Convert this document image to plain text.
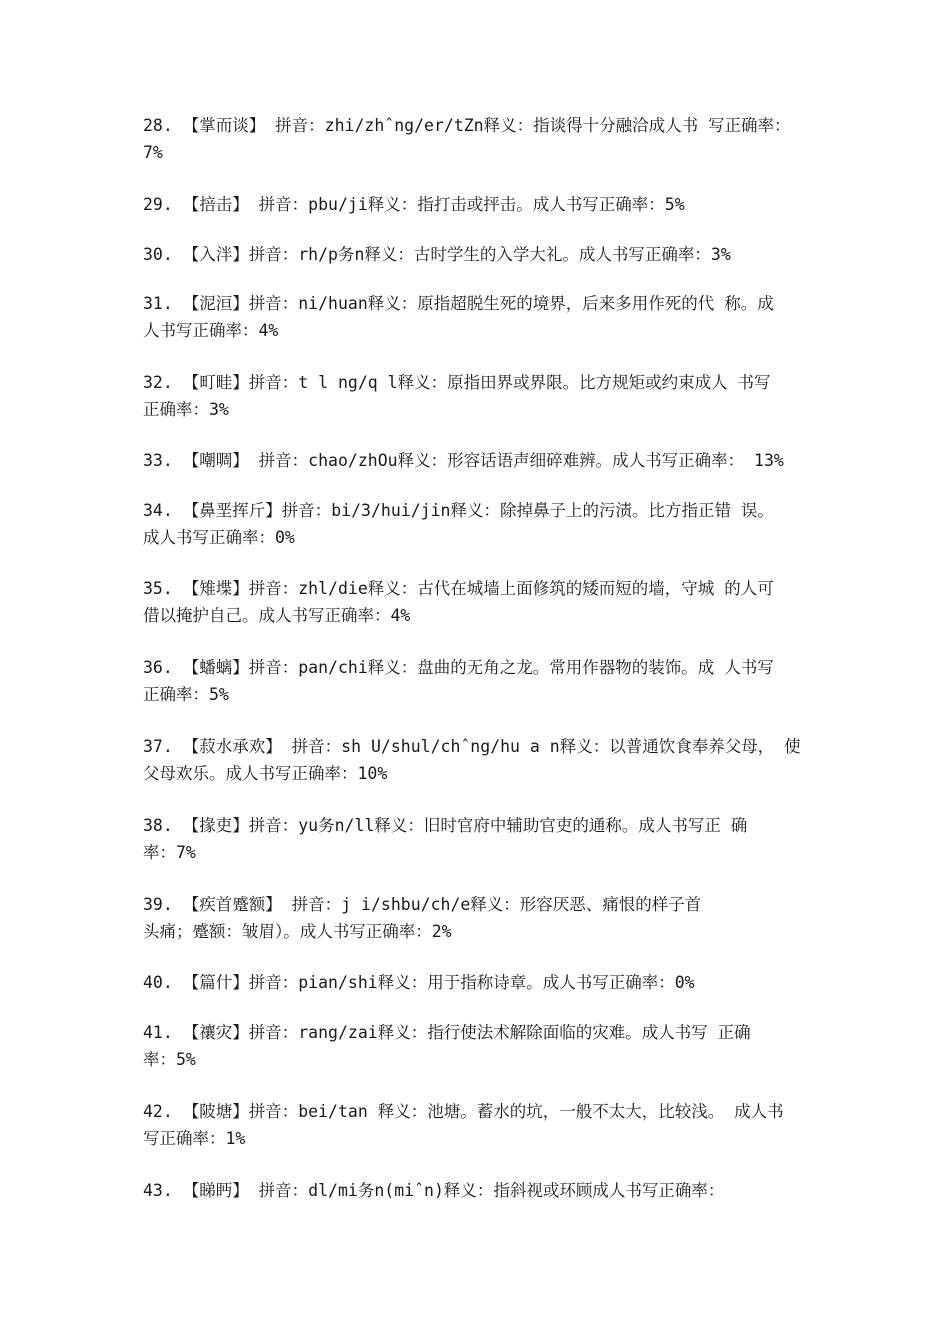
28. 【掌而谈】 拼音：zhi/zhˆng/er/tZn释义：指谈得十分融洽成人书 写正确率：
7%
29. 【掊击】 拼音：pbu/ji释义：指打击或抨击。成人书写正确率：5%
30. 【入泮】拼音：rh/p务n释义：古时学生的入学大礼。成人书写正确率：3%
31. 【泥洹】拼音：ni/huan释义：原指超脱生死的境界，后来多用作死的代 称。成
人书写正确率：4%
32. 【町畦】拼音：t l ng/q l释义：原指田界或界限。比方规矩或约束成人 书写
正确率：3%
33. 【嘲啁】 拼音：chao/zhOu释义：形容话语声细碎难辨。成人书写正确率： 13%
34. 【鼻垩挥斤】拼音：bi/3/hui/jin释义：除掉鼻子上的污渍。比方指正错 误。
成人书写正确率：0%
35. 【雉堞】拼音：zhl/die释义：古代在城墙上面修筑的矮而短的墙，守城 的人可
借以掩护自己。成人书写正确率：4%
36. 【蟠螭】拼音：pan/chi释义：盘曲的无角之龙。常用作器物的装饰。成 人书写
正确率：5%
37. 【菽水承欢】 拼音：sh U/shul/chˆng/hu a n释义：以普通饮食奉养父母， 使
父母欢乐。成人书写正确率：10%
38. 【掾吏】拼音：yu务n/ll释义：旧时官府中辅助官吏的通称。成人书写正 确
率：7%
39. 【疾首蹙额】 拼音：j i/shbu/ch/e释义：形容厌恶、痛恨的样子首
头痛；蹙额：皱眉）。成人书写正确率：2%
40. 【篇什】拼音：pian/shi释义：用于指称诗章。成人书写正确率：0%
41. 【禳灾】拼音：rang/zai释义：指行使法术解除面临的灾难。成人书写 正确
率：5%
42. 【陂塘】拼音：bei/tan 释义：池塘。蓄水的坑，一般不太大，比较浅。 成人书
写正确率：1%
43. 【睇眄】 拼音：dl/mi务n(miˆn)释义：指斜视或环顾成人书写正确率：
